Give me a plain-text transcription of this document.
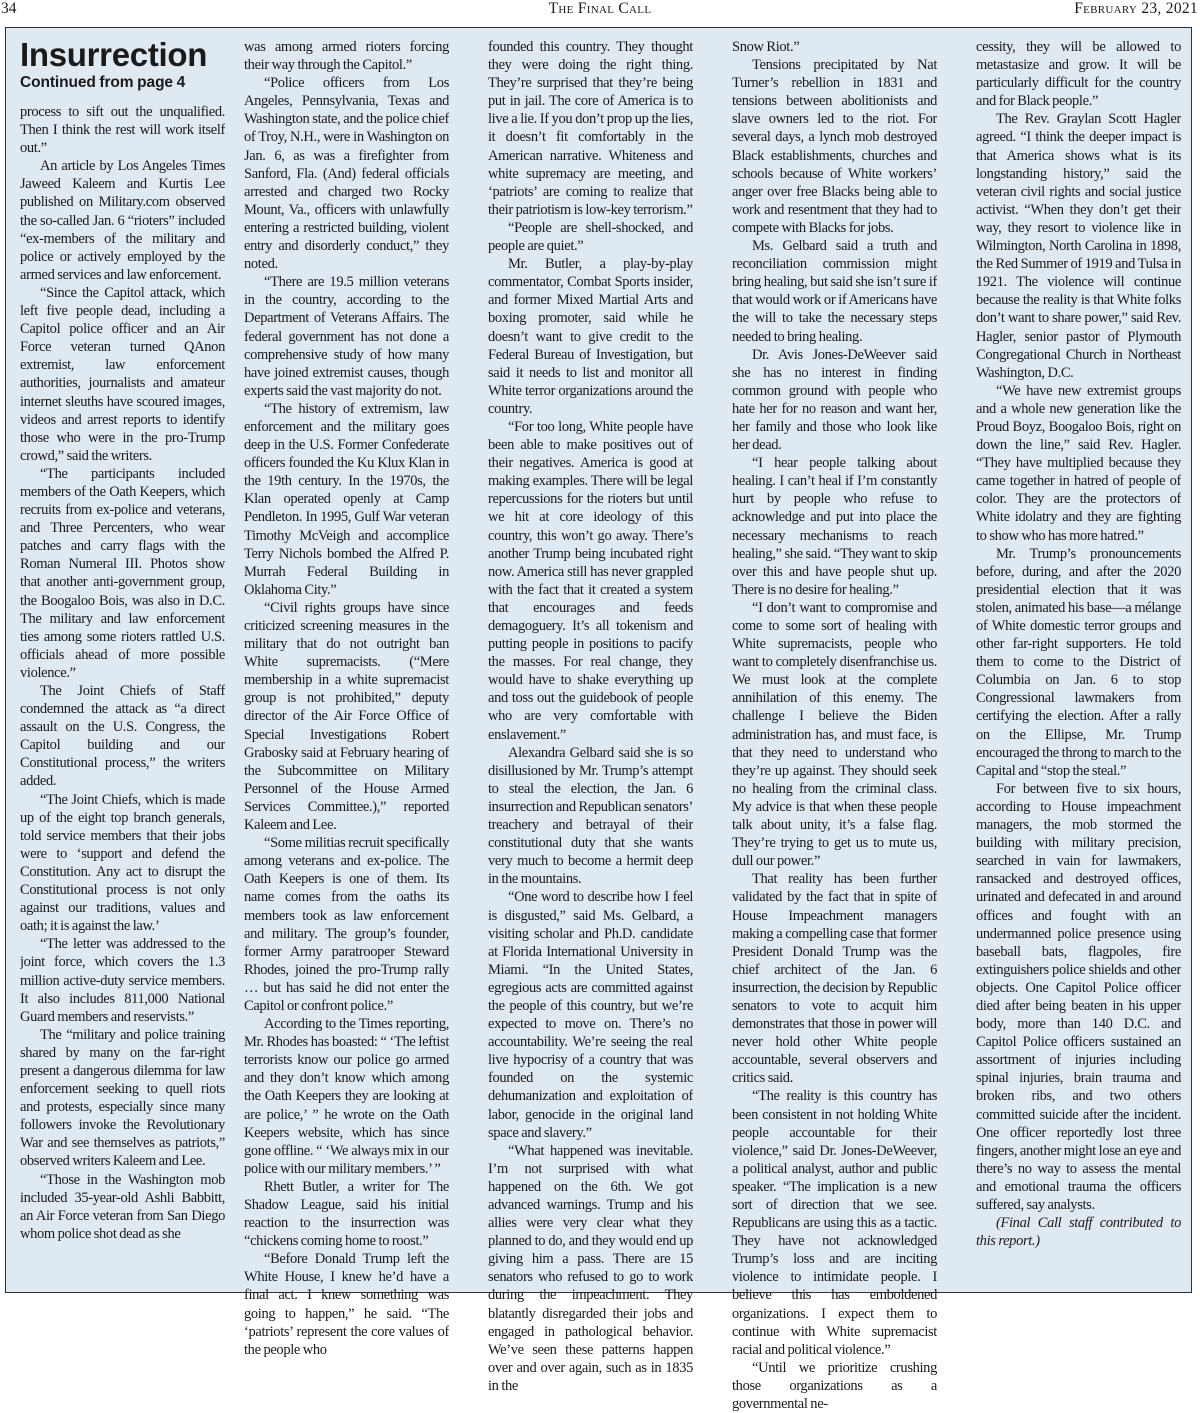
34	The Final Call	February 23, 2021
Insurrection
Continued from page 4

process to sift out the unqualified. Then I think the rest will work itself out.”

An article by Los Angeles Times Jaweed Kaleem and Kurtis Lee published on Military.com observed the so-called Jan. 6 “rioters” included “ex-members of the military and police or actively employed by the armed services and law enforcement.

“Since the Capitol attack, which left five people dead, including a Capitol police officer and an Air Force veteran turned QAnon extremist, law enforcement authorities, journalists and amateur internet sleuths have scoured images, videos and arrest reports to identify those who were in the pro-Trump crowd,” said the writers.

“The participants included members of the Oath Keepers, which recruits from ex-police and veterans, and Three Percenters, who wear patches and carry flags with the Roman Numeral III. Photos show that another anti-government group, the Boogaloo Bois, was also in D.C. The military and law enforcement ties among some rioters rattled U.S. officials ahead of more possible violence.”

The Joint Chiefs of Staff condemned the attack as “a direct assault on the U.S. Congress, the Capitol building and our Constitutional process,” the writers added.

“The Joint Chiefs, which is made up of the eight top branch generals, told service members that their jobs were to ‘support and defend the Constitution. Any act to disrupt the Constitutional process is not only against our traditions, values and oath; it is against the law.’

“The letter was addressed to the joint force, which covers the 1.3 million active-duty service members. It also includes 811,000 National Guard members and reservists.”

The “military and police training shared by many on the far-right present a dangerous dilemma for law enforcement seeking to quell riots and protests, especially since many followers invoke the Revolutionary War and see themselves as patriots,” observed writers Kaleem and Lee.

“Those in the Washington mob included 35-year-old Ashli Babbitt, an Air Force veteran from San Diego whom police shot dead as she

was among armed rioters forcing their way through the Capitol.”

“Police officers from Los Angeles, Pennsylvania, Texas and Washington state, and the police chief of Troy, N.H., were in Washington on Jan. 6, as was a firefighter from Sanford, Fla. (And) federal officials arrested and charged two Rocky Mount, Va., officers with unlawfully entering a restricted building, violent entry and disorderly conduct,” they noted.

“There are 19.5 million veterans in the country, according to the Department of Veterans Affairs. The federal government has not done a comprehensive study of how many have joined extremist causes, though experts said the vast majority do not.

“The history of extremism, law enforcement and the military goes deep in the U.S. Former Confederate officers founded the Ku Klux Klan in the 19th century. In the 1970s, the Klan operated openly at Camp Pendleton. In 1995, Gulf War veteran Timothy McVeigh and accomplice Terry Nichols bombed the Alfred P. Murrah Federal Building in Oklahoma City.”

“Civil rights groups have since criticized screening measures in the military that do not outright ban White supremacists. (“Mere membership in a white supremacist group is not prohibited,” deputy director of the Air Force Office of Special Investigations Robert Grabosky said at February hearing of the Subcommittee on Military Personnel of the House Armed Services Committee.),” reported Kaleem and Lee.

“Some militias recruit specifically among veterans and ex-police. The Oath Keepers is one of them. Its name comes from the oaths its members took as law enforcement and military. The group’s founder, former Army paratrooper Steward Rhodes, joined the pro-Trump rally … but has said he did not enter the Capitol or confront police.”

According to the Times reporting, Mr. Rhodes has boasted: “ ‘The leftist terrorists know our police go armed and they don’t know which among the Oath Keepers they are looking at are police,’ ” he wrote on the Oath Keepers website, which has since gone offline. “ ‘We always mix in our police with our military members.’ ”

Rhett Butler, a writer for The Shadow League, said his initial reaction to the insurrection was “chickens coming home to roost.”

“Before Donald Trump left the White House, I knew he’d have a final act. I knew something was going to happen,” he said. “The ‘patriots’ represent the core values of the people who

founded this country. They thought they were doing the right thing. They’re surprised that they’re being put in jail. The core of America is to live a lie. If you don’t prop up the lies, it doesn’t fit comfortably in the American narrative. Whiteness and white supremacy are meeting, and ‘patriots’ are coming to realize that their patriotism is low-key terrorism.”

“People are shell-shocked, and people are quiet.”

Mr. Butler, a play-by-play commentator, Combat Sports insider, and former Mixed Martial Arts and boxing promoter, said while he doesn’t want to give credit to the Federal Bureau of Investigation, but said it needs to list and monitor all White terror organizations around the country.

“For too long, White people have been able to make positives out of their negatives. America is good at making examples. There will be legal repercussions for the rioters but until we hit at core ideology of this country, this won’t go away. There’s another Trump being incubated right now. America still has never grappled with the fact that it created a system that encourages and feeds demagoguery. It’s all tokenism and putting people in positions to pacify the masses. For real change, they would have to shake everything up and toss out the guidebook of people who are very comfortable with enslavement.”

Alexandra Gelbard said she is so disillusioned by Mr. Trump’s attempt to steal the election, the Jan. 6 insurrection and Republican senators’ treachery and betrayal of their constitutional duty that she wants very much to become a hermit deep in the mountains.

“One word to describe how I feel is disgusted,” said Ms. Gelbard, a visiting scholar and Ph.D. candidate at Florida International University in Miami. “In the United States, egregious acts are committed against the people of this country, but we’re expected to move on. There’s no accountability. We’re seeing the real live hypocrisy of a country that was founded on the systemic dehumanization and exploitation of labor, genocide in the original land space and slavery.”

“What happened was inevitable. I’m not surprised with what happened on the 6th. We got advanced warnings. Trump and his allies were very clear what they planned to do, and they would end up giving him a pass. There are 15 senators who refused to go to work during the impeachment. They blatantly disregarded their jobs and engaged in pathological behavior. We’ve seen these patterns happen over and over again, such as in 1835 in the

Snow Riot.”

Tensions precipitated by Nat Turner’s rebellion in 1831 and tensions between abolitionists and slave owners led to the riot. For several days, a lynch mob destroyed Black establishments, churches and schools because of White workers’ anger over free Blacks being able to work and resentment that they had to compete with Blacks for jobs.

Ms. Gelbard said a truth and reconciliation commission might bring healing, but said she isn’t sure if that would work or if Americans have the will to take the necessary steps needed to bring healing.

Dr. Avis Jones-DeWeever said she has no interest in finding common ground with people who hate her for no reason and want her, her family and those who look like her dead.

“I hear people talking about healing. I can’t heal if I’m constantly hurt by people who refuse to acknowledge and put into place the necessary mechanisms to reach healing,” she said. “They want to skip over this and have people shut up. There is no desire for healing.”

“I don’t want to compromise and come to some sort of healing with White supremacists, people who want to completely disenfranchise us. We must look at the complete annihilation of this enemy. The challenge I believe the Biden administration has, and must face, is that they need to understand who they’re up against. They should seek no healing from the criminal class. My advice is that when these people talk about unity, it’s a false flag. They’re trying to get us to mute us, dull our power.”

That reality has been further validated by the fact that in spite of House Impeachment managers making a compelling case that former President Donald Trump was the chief architect of the Jan. 6 insurrection, the decision by Republic senators to vote to acquit him demonstrates that those in power will never hold other White people accountable, several observers and critics said.

“The reality is this country has been consistent in not holding White people accountable for their violence,” said Dr. Jones-DeWeever, a political analyst, author and public speaker. “The implication is a new sort of direction that we see. Republicans are using this as a tactic. They have not acknowledged Trump’s loss and are inciting violence to intimidate people. I believe this has emboldened organizations. I expect them to continue with White supremacist racial and political violence.”

“Until we prioritize crushing those organizations as a governmental ne-

cessity, they will be allowed to metastasize and grow. It will be particularly difficult for the country and for Black people.”

The Rev. Graylan Scott Hagler agreed. “I think the deeper impact is that America shows what is its longstanding history,” said the veteran civil rights and social justice activist. “When they don’t get their way, they resort to violence like in Wilmington, North Carolina in 1898, the Red Summer of 1919 and Tulsa in 1921. The violence will continue because the reality is that White folks don’t want to share power,” said Rev. Hagler, senior pastor of Plymouth Congregational Church in Northeast Washington, D.C.

“We have new extremist groups and a whole new generation like the Proud Boyz, Boogaloo Bois, right on down the line,” said Rev. Hagler. “They have multiplied because they came together in hatred of people of color. They are the protectors of White idolatry and they are fighting to show who has more hatred.”

Mr. Trump’s pronouncements before, during, and after the 2020 presidential election that it was stolen, animated his base—a mélange of White domestic terror groups and other far-right supporters. He told them to come to the District of Columbia on Jan. 6 to stop Congressional lawmakers from certifying the election. After a rally on the Ellipse, Mr. Trump encouraged the throng to march to the Capital and “stop the steal.”

For between five to six hours, according to House impeachment managers, the mob stormed the building with military precision, searched in vain for lawmakers, ransacked and destroyed offices, urinated and defecated in and around offices and fought with an undermanned police presence using baseball bats, flagpoles, fire extinguishers police shields and other objects. One Capitol Police officer died after being beaten in his upper body, more than 140 D.C. and Capitol Police officers sustained an assortment of injuries including spinal injuries, brain trauma and broken ribs, and two others committed suicide after the incident. One officer reportedly lost three fingers, another might lose an eye and there’s no way to assess the mental and emotional trauma the officers suffered, say analysts.

(Final Call staff contributed to this report.)
